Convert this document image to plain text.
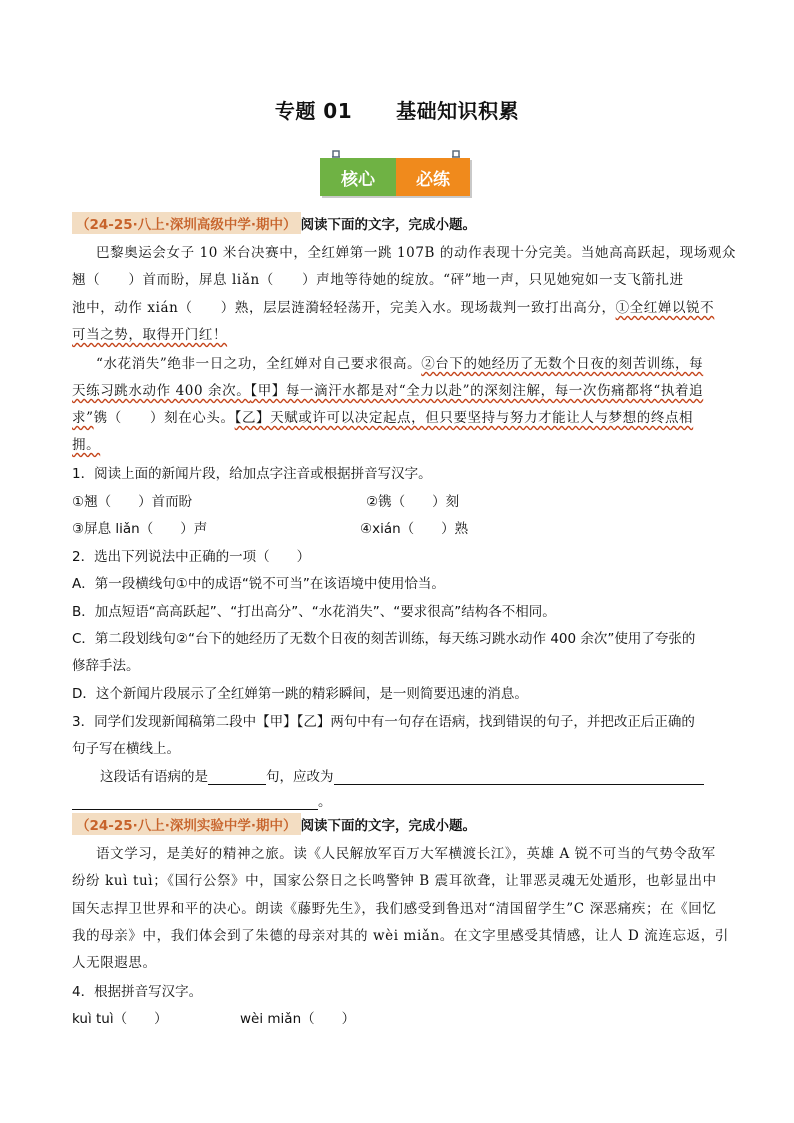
专题 01 基础知识积累
核心	必练
（24-25·八上·深圳高级中学·期中） 阅读下面的文字，完成小题。
巴黎奥运会女子 10 米台决赛中，全红婵第一跳 107B 的动作表现十分完美。当她高高跃起，现场观众
翘（　　）首而盼，屏息 liǎn（　　）声地等待她的绽放。“砰”地一声，只见她宛如一支飞箭扎进
池中，动作 xián（　　）熟，层层涟漪轻轻荡开，完美入水。现场裁判一致打出高分，①全红婵以锐不
可当之势，取得开门红！
“水花消失”绝非一日之功，全红婵对自己要求很高。②台下的她经历了无数个日夜的刻苦训练，每
天练习跳水动作 400 余次。【甲】每一滴汗水都是对“全力以赴”的深刻注解，每一次伤痛都将“执着追
求”镌（　　）刻在心头。【乙】天赋或许可以决定起点，但只要坚持与努力才能让人与梦想的终点相
拥。
1．阅读上面的新闻片段，给加点字注音或根据拼音写汉字。
①翘（　　）首而盼	②镌（　　）刻
③屏息 liǎn（　　）声	④xián（　　）熟
2．选出下列说法中正确的一项（　　）
A．第一段横线句①中的成语“锐不可当”在该语境中使用恰当。
B．加点短语“高高跃起”、“打出高分”、“水花消失”、“要求很高”结构各不相同。
C．第二段划线句②“台下的她经历了无数个日夜的刻苦训练，每天练习跳水动作 400 余次”使用了夸张的
修辞手法。
D．这个新闻片段展示了全红婵第一跳的精彩瞬间，是一则简要迅速的消息。
3．同学们发现新闻稿第二段中【甲】【乙】两句中有一句存在语病，找到错误的句子，并把改正后正确的
句子写在横线上。
这段话有语病的是	句，应改为
。
（24-25·八上·深圳实验中学·期中） 阅读下面的文字，完成小题。
语文学习，是美好的精神之旅。读《人民解放军百万大军横渡长江》，英雄 A 锐不可当的气势令敌军
纷纷 kuì tuì；《国行公祭》中，国家公祭日之长鸣警钟 B 震耳欲聋，让罪恶灵魂无处遁形，也彰显出中
国矢志捍卫世界和平的决心。朗读《藤野先生》，我们感受到鲁迅对“清国留学生”C 深恶痛疾；在《回忆
我的母亲》中，我们体会到了朱德的母亲对其的 wèi miǎn。在文字里感受其情感，让人 D 流连忘返，引
人无限遐思。
4．根据拼音写汉字。
kuì tuì（　　）	wèi miǎn（　　）
